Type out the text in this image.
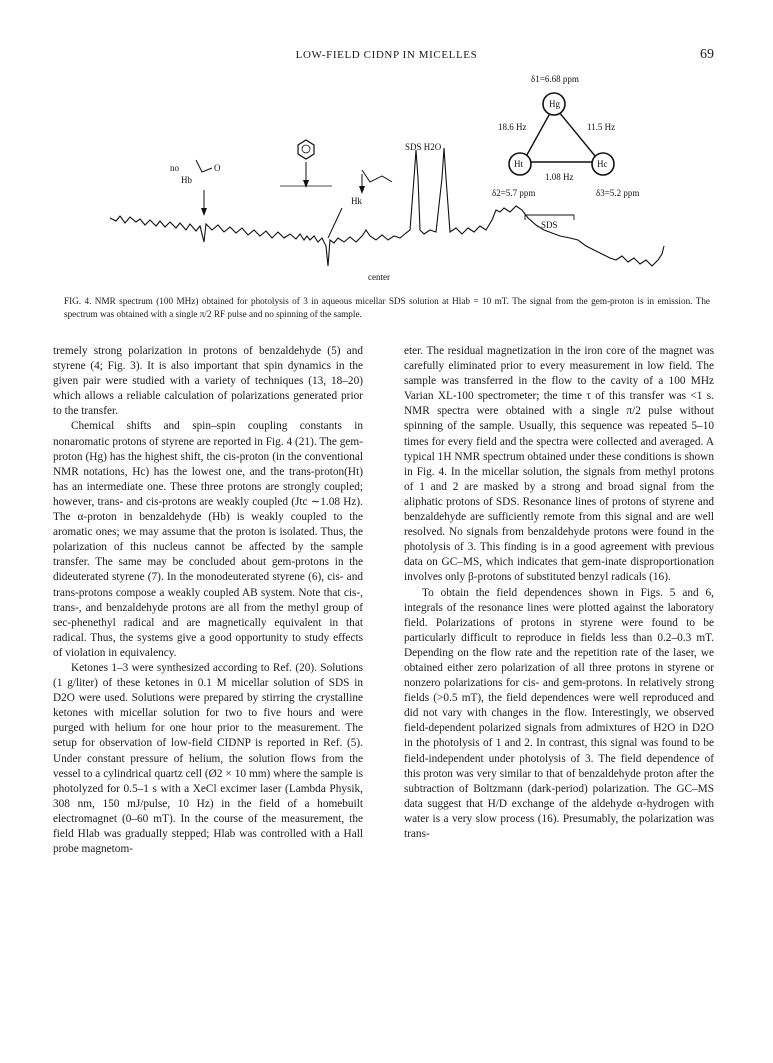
LOW-FIELD CIDNP IN MICELLES	69
Hg
Ht	Hc
δ1=6.68 ppm
δ2=5.7 ppm	δ3=5.2 ppm
18.6 Hz	11.5 Hz
1.08 Hz
SDS H2O
no
Hb
O
Hk
SDS
center
FIG. 4. NMR spectrum (100 MHz) obtained for photolysis of 3 in aqueous micellar SDS solution at Hlab = 10 mT. The signal from the gem-proton is in emission. The spectrum was obtained with a single π/2 RF pulse and no spinning of the sample.

tremely strong polarization in protons of benzaldehyde (5) and styrene (4; Fig. 3). It is also important that spin dynamics in the given pair were studied with a variety of techniques (13, 18–20) which allows a reliable calculation of polarizations generated prior to the transfer.

Chemical shifts and spin–spin coupling constants in nonaromatic protons of styrene are reported in Fig. 4 (21). The gem-proton (Hg) has the highest shift, the cis-proton (in the conventional NMR notations, Hc) has the lowest one, and the trans-proton(Ht) has an intermediate one. These three protons are strongly coupled; however, trans- and cis-protons are weakly coupled (Jtc ∼1.08 Hz). The α-proton in benzaldehyde (Hb) is weakly coupled to the aromatic ones; we may assume that the proton is isolated. Thus, the polarization of this nucleus cannot be affected by the sample transfer. The same may be concluded about gem-protons in the dideuterated styrene (7). In the monodeuterated styrene (6), cis- and trans-protons compose a weakly coupled AB system. Note that cis-, trans-, and benzaldehyde protons are all from the methyl group of sec-phenethyl radical and are magnetically equivalent in that radical. Thus, the systems give a good opportunity to study effects of violation in equivalency.

Ketones 1–3 were synthesized according to Ref. (20). Solutions (1 g/liter) of these ketones in 0.1 M micellar solution of SDS in D2O were used. Solutions were prepared by stirring the crystalline ketones with micellar solution for two to five hours and were purged with helium for one hour prior to the measurement. The setup for observation of low-field CIDNP is reported in Ref. (5). Under constant pressure of helium, the solution flows from the vessel to a cylindrical quartz cell (Ø2 × 10 mm) where the sample is photolyzed for 0.5–1 s with a XeCl excimer laser (Lambda Physik, 308 nm, 150 mJ/pulse, 10 Hz) in the field of a homebuilt electromagnet (0–60 mT). In the course of the measurement, the field Hlab was gradually stepped; Hlab was controlled with a Hall probe magnetom-

eter. The residual magnetization in the iron core of the magnet was carefully eliminated prior to every measurement in low field. The sample was transferred in the flow to the cavity of a 100 MHz Varian XL-100 spectrometer; the time τ of this transfer was <1 s. NMR spectra were obtained with a single π/2 pulse without spinning of the sample. Usually, this sequence was repeated 5–10 times for every field and the spectra were collected and averaged. A typical 1H NMR spectrum obtained under these conditions is shown in Fig. 4. In the micellar solution, the signals from methyl protons of 1 and 2 are masked by a strong and broad signal from the aliphatic protons of SDS. Resonance lines of protons of styrene and benzaldehyde are sufficiently remote from this signal and are well resolved. No signals from benzaldehyde protons were found in the photolysis of 3. This finding is in a good agreement with previous data on GC–MS, which indicates that gem-inate disproportionation involves only β-protons of substituted benzyl radicals (16).

To obtain the field dependences shown in Figs. 5 and 6, integrals of the resonance lines were plotted against the laboratory field. Polarizations of protons in styrene were found to be particularly difficult to reproduce in fields less than 0.2–0.3 mT. Depending on the flow rate and the repetition rate of the laser, we obtained either zero polarization of all three protons in styrene or nonzero polarizations for cis- and gem-protons. In relatively strong fields (>0.5 mT), the field dependences were well reproduced and did not vary with changes in the flow. Interestingly, we observed field-dependent polarized signals from admixtures of H2O in D2O in the photolysis of 1 and 2. In contrast, this signal was found to be field-independent under photolysis of 3. The field dependence of this proton was very similar to that of benzaldehyde proton after the subtraction of Boltzmann (dark-period) polarization. The GC–MS data suggest that H/D exchange of the aldehyde α-hydrogen with water is a very slow process (16). Presumably, the polarization was trans-
